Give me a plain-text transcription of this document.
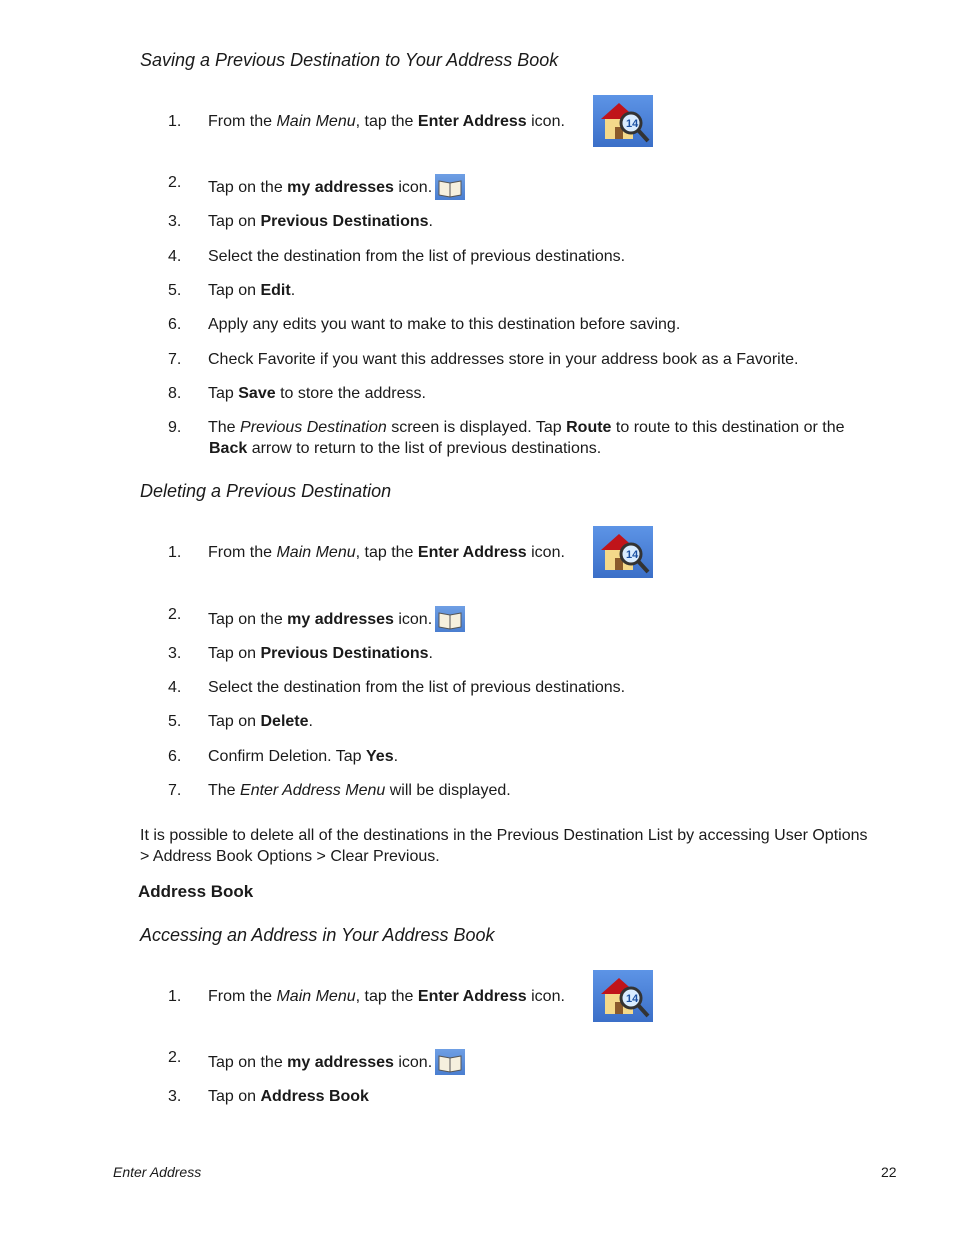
Saving a Previous Destination to Your Address Book
1.	From the Main Menu, tap the Enter Address icon.	14
2.	Tap on the my addresses icon.
3.	Tap on Previous Destinations.
4.	Select the destination from the list of previous destinations.
5.	Tap on Edit.
6.	Apply any edits you want to make to this destination before saving.
7.	Check Favorite if you want this addresses store in your address book as a Favorite.
8.	Tap Save to store the address.
9.	The Previous Destination screen is displayed. Tap Route to route to this destination or the
Back arrow to return to the list of previous destinations.
Deleting a Previous Destination
1.	From the Main Menu, tap the Enter Address icon.	14
2.	Tap on the my addresses icon.
3.	Tap on Previous Destinations.
4.	Select the destination from the list of previous destinations.
5.	Tap on Delete.
6.	Confirm Deletion. Tap Yes.
7.	The Enter Address Menu will be displayed.
It is possible to delete all of the destinations in the Previous Destination List by accessing User Options > Address Book Options > Clear Previous.
Address Book
Accessing an Address in Your Address Book
1.	From the Main Menu, tap the Enter Address icon.	14
2.	Tap on the my addresses icon.
3.	Tap on Address Book
Enter Address	22
